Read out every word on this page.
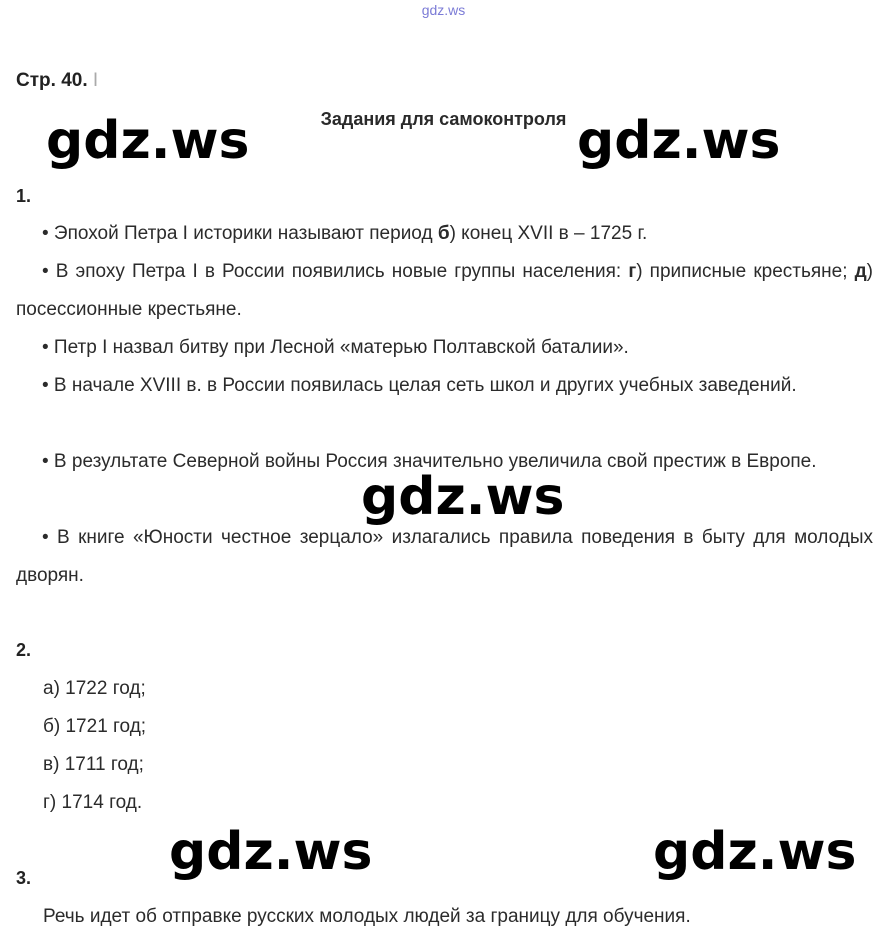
gdz.ws
Стр. 40. I
Задания для самоконтроля
1.
• Эпохой Петра I историки называют период б) конец XVII в – 1725 г.
• В эпоху Петра I в России появились новые группы населения: г) приписные крестьяне; д) посессионные крестьяне.
• Петр I назвал битву при Лесной «матерью Полтавской баталии».
• В начале XVIII в. в России появилась целая сеть школ и других учебных заведений.
• В результате Северной войны Россия значительно увеличила свой престиж в Европе.
• В книге «Юности честное зерцало» излагались правила поведения в быту для молодых дворян.
2.
а) 1722 год;
б) 1721 год;
в) 1711 год;
г) 1714 год.
3.
Речь идет об отправке русских молодых людей за границу для обучения.
gdz.ws	gdz.ws
gdz.ws
gdz.ws	gdz.ws
